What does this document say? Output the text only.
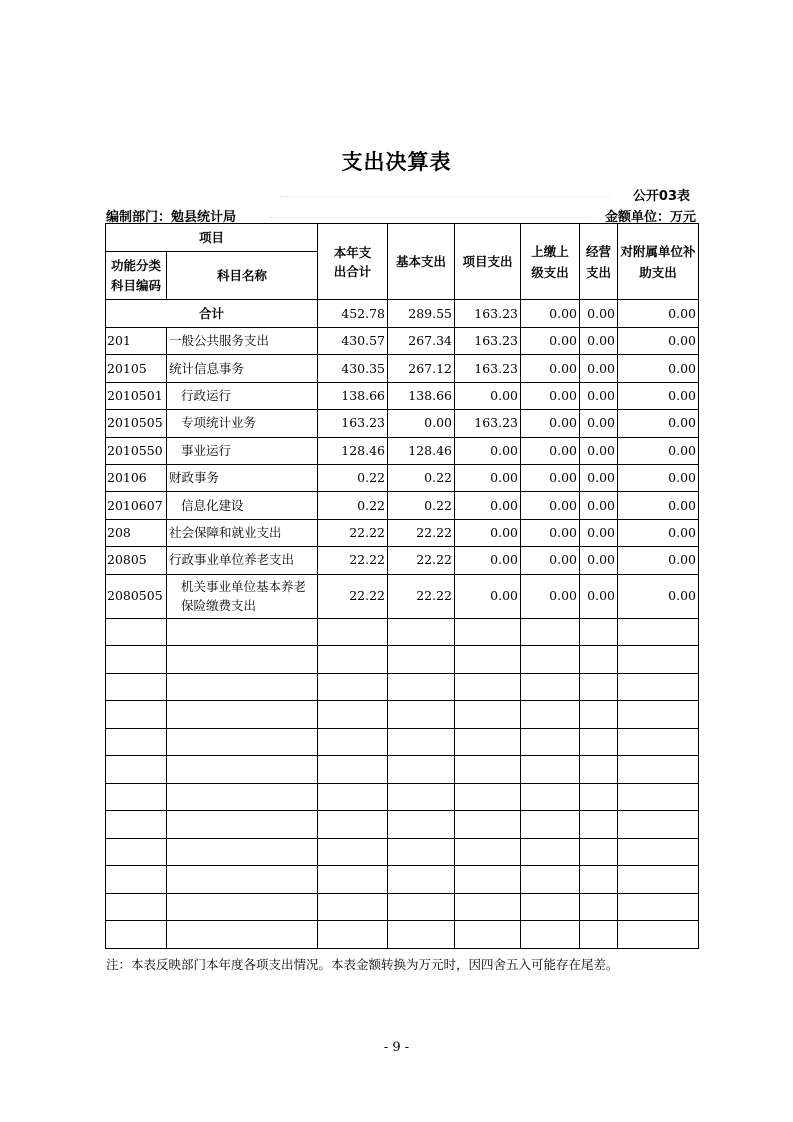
支出决算表
公开03表
编制部门：勉县统计局	金额单位：万元
项目		本年支出合计	基本支出	项目支出	上缴上级支出	经营支出	对附属单位补助支出

功能分类科目编码	科目名称						
合计		452.78	289.55	163.23	0.00	0.00	0.00
201	一般公共服务支出	430.57	267.34	163.23	0.00	0.00	0.00
20105	统计信息事务	430.35	267.12	163.23	0.00	0.00	0.00
2010501	行政运行	138.66	138.66	0.00	0.00	0.00	0.00
2010505	专项统计业务	163.23	0.00	163.23	0.00	0.00	0.00
2010550	事业运行	128.46	128.46	0.00	0.00	0.00	0.00
20106	财政事务	0.22	0.22	0.00	0.00	0.00	0.00
2010607	信息化建设	0.22	0.22	0.00	0.00	0.00	0.00
208	社会保障和就业支出	22.22	22.22	0.00	0.00	0.00	0.00
20805	行政事业单位养老支出	22.22	22.22	0.00	0.00	0.00	0.00
2080505	机关事业单位基本养老保险缴费支出	22.22	22.22	0.00	0.00	0.00	0.00

注：本表反映部门本年度各项支出情况。本表金额转换为万元时，因四舍五入可能存在尾差。
- 9 -
